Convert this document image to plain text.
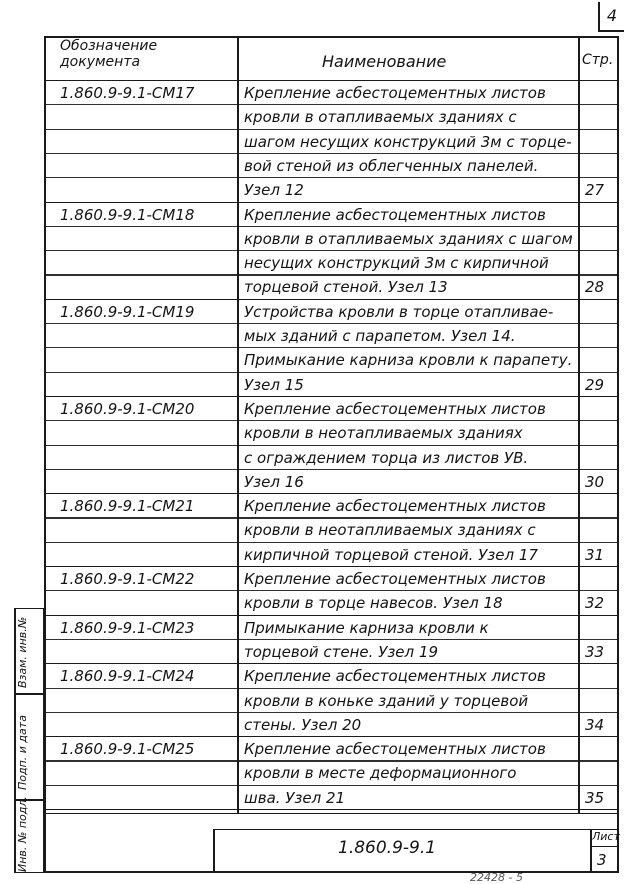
4
Обозначение
документа	Наименование	Стр.
1.860.9-9.1-СМ17	Крепление асбестоцементных листов
кровли в отапливаемых зданиях с
шагом несущих конструкций 3м с торце-
вой стеной из облегченных панелей.
Узел 12	27
1.860.9-9.1-СМ18	Крепление асбестоцементных листов
кровли в отапливаемых зданиях с шагом
несущих конструкций 3м с кирпичной
торцевой стеной. Узел 13	28
1.860.9-9.1-СМ19	Устройства кровли в торце отапливае-
мых зданий с парапетом. Узел 14.
Примыкание карниза кровли к парапету.
Узел 15	29
1.860.9-9.1-СМ20	Крепление асбестоцементных листов
кровли в неотапливаемых зданиях
с ограждением торца из листов УВ.
Узел 16	30
1.860.9-9.1-СМ21	Крепление асбестоцементных листов
кровли в неотапливаемых зданиях с
кирпичной торцевой стеной. Узел 17	31
1.860.9-9.1-СМ22	Крепление асбестоцементных листов
кровли в торце навесов. Узел 18	32
1.860.9-9.1-СМ23	Примыкание карниза кровли к
торцевой стене. Узел 19	33
1.860.9-9.1-СМ24	Крепление асбестоцементных листов
кровли в коньке зданий у торцевой
стены. Узел 20	34
1.860.9-9.1-СМ25	Крепление асбестоцементных листов
кровли в месте деформационного
шва. Узел 21	35
1.860.9-9.1
Лист
3
Взам. инв.№
Подп. и дата
Инв. № подл.
22428 - 5
